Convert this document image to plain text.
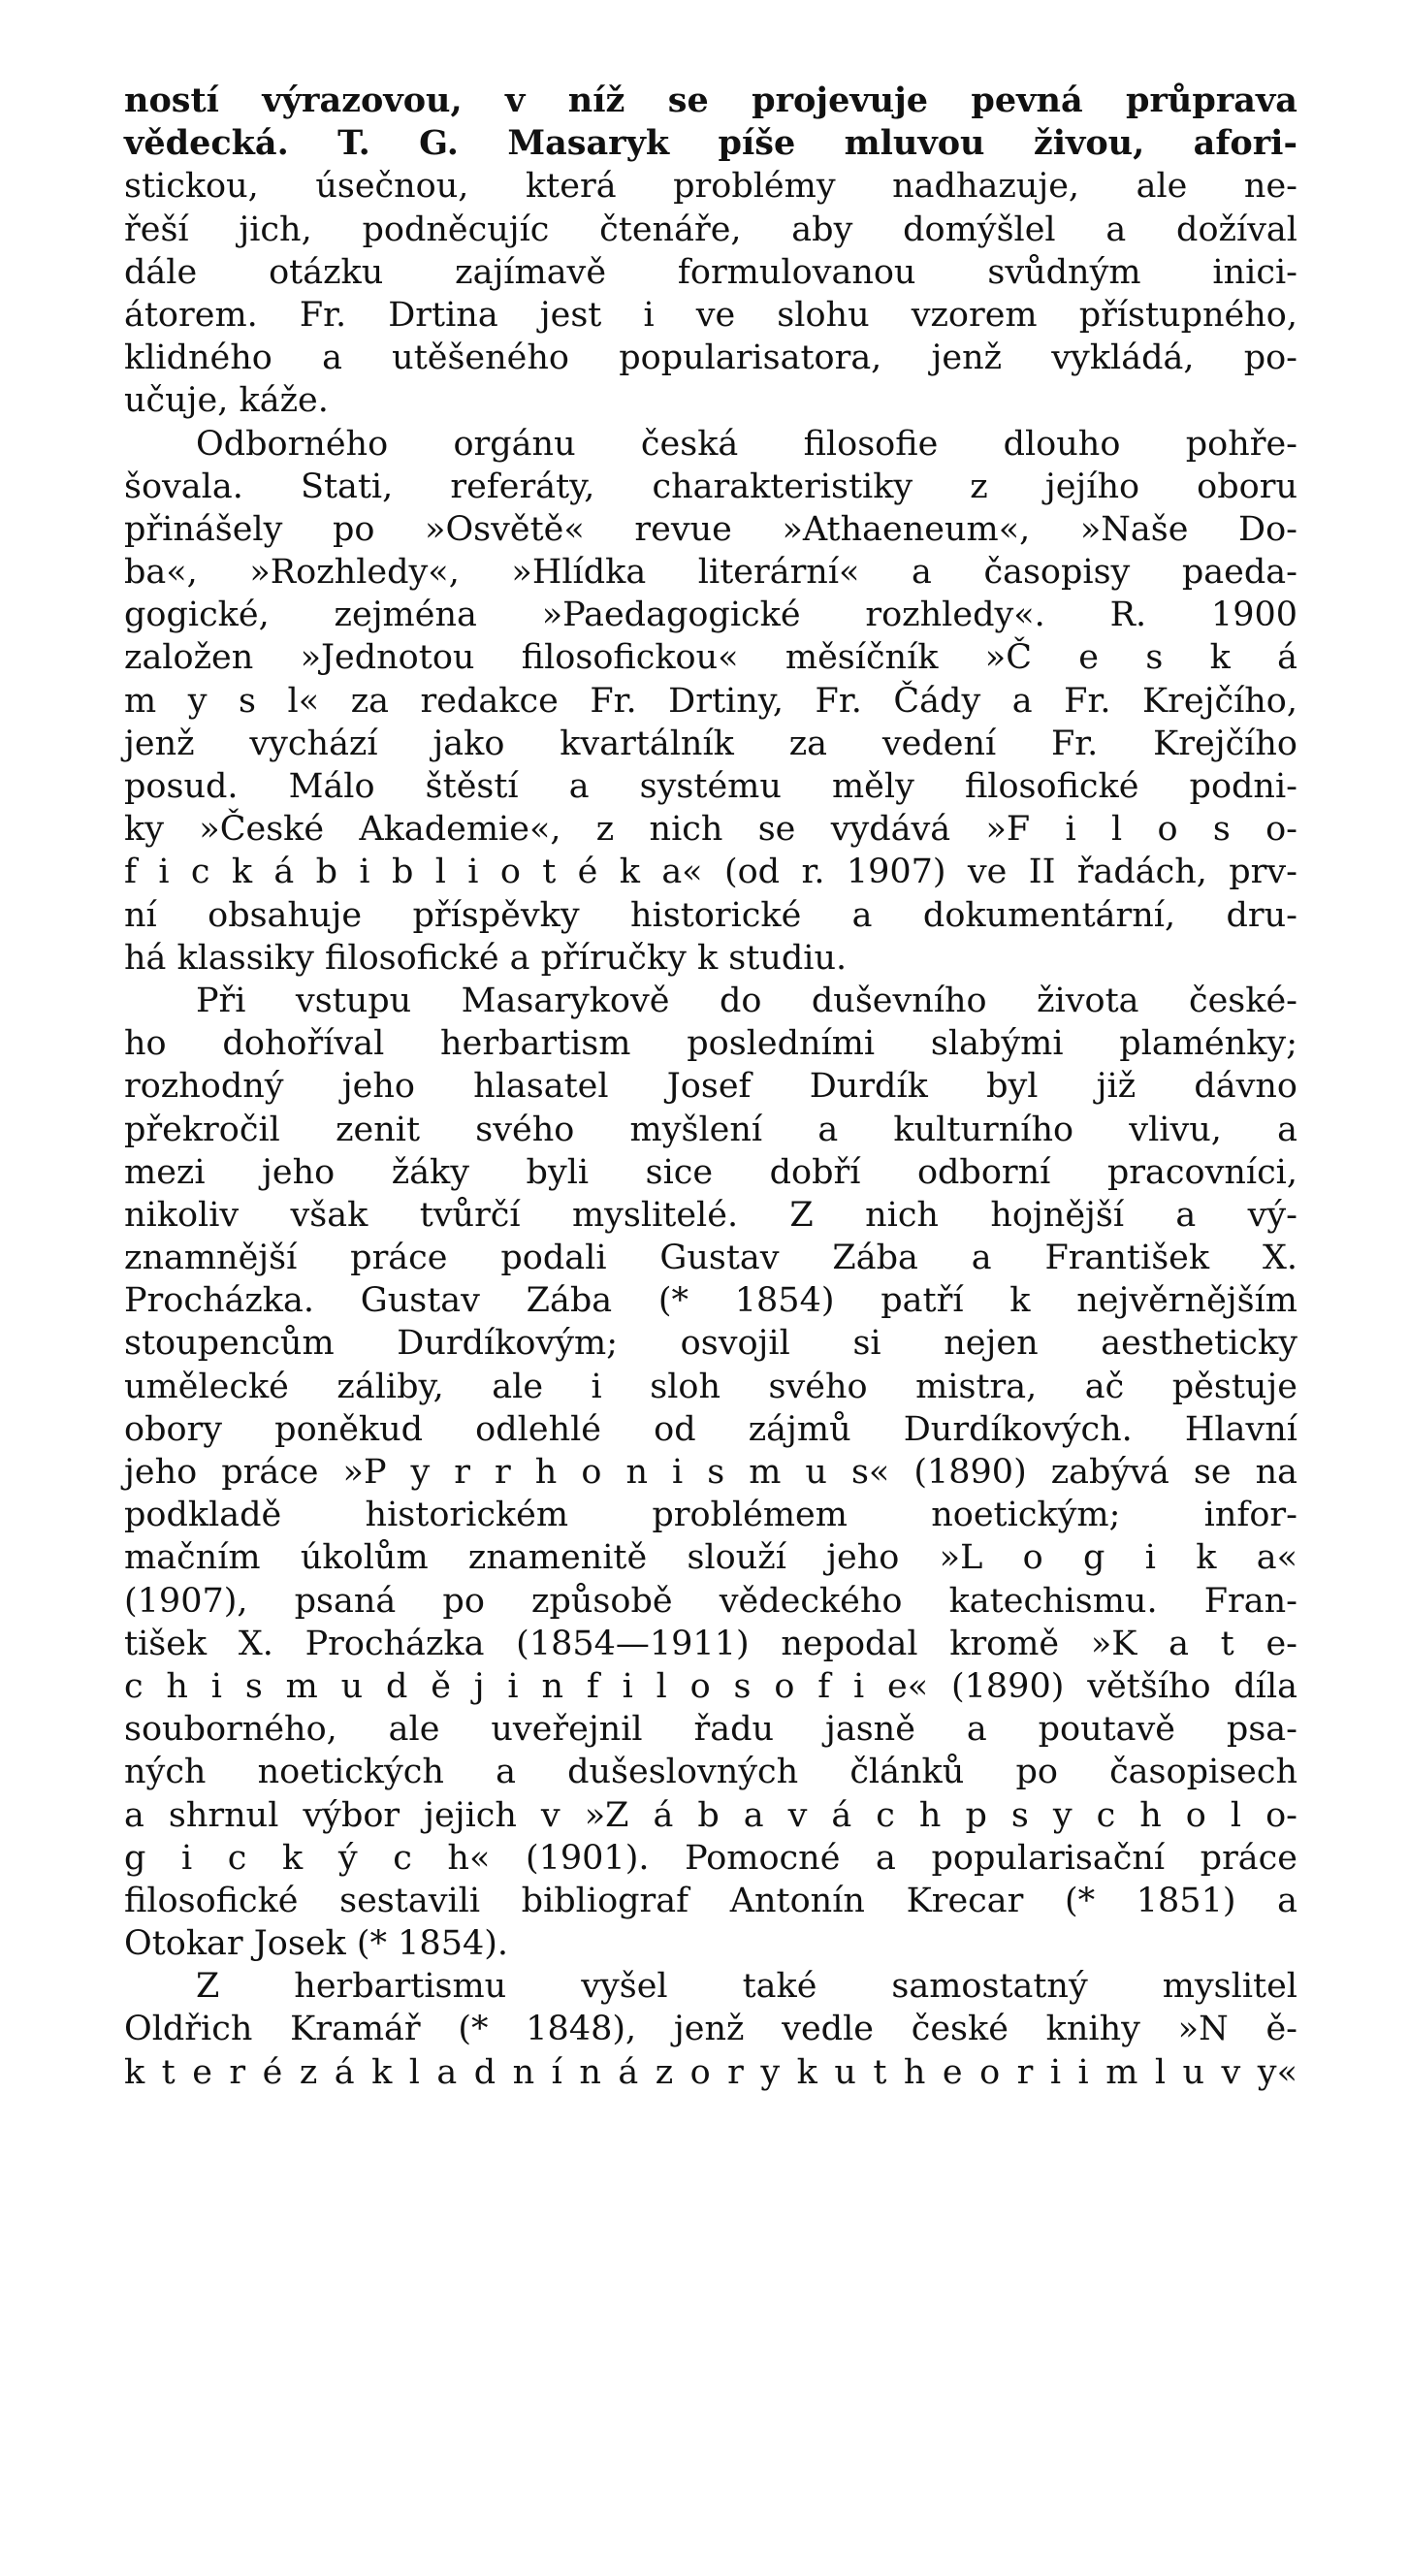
ností výrazovou, v níž se projevuje pevná průprava
vědecká. T. G. Masaryk píše mluvou živou, afori-
stickou, úsečnou, která problémy nadhazuje, ale ne-
řeší jich, podněcujíc čtenáře, aby domýšlel a dožíval
dále otázku zajímavě formulovanou svůdným inici-
átorem. Fr. Drtina jest i ve slohu vzorem přístupného,
klidného a utěšeného popularisatora, jenž vykládá, po-
učuje, káže.
Odborného orgánu česká filosofie dlouho pohře-
šovala. Stati, referáty, charakteristiky z jejího oboru
přinášely po »Osvětě« revue »Athaeneum«, »Naše Do-
ba«, »Rozhledy«, »Hlídka literární« a časopisy paeda-
gogické, zejména »Paedagogické rozhledy«. R. 1900
založen »Jednotou filosofickou« měsíčník »Č e s k á
m y s l« za redakce Fr. Drtiny, Fr. Čády a Fr. Krejčího,
jenž vychází jako kvartálník za vedení Fr. Krejčího
posud. Málo štěstí a systému měly filosofické podni-
ky »České Akademie«, z nich se vydává »F i l o s o-
f i c k á b i b l i o t é k a« (od r. 1907) ve II řadách, prv-
ní obsahuje příspěvky historické a dokumentární, dru-
há klassiky filosofické a příručky k studiu.
Při vstupu Masarykově do duševního života české-
ho dohoříval herbartism posledními slabými plaménky;
rozhodný jeho hlasatel Josef Durdík byl již dávno
překročil zenit svého myšlení a kulturního vlivu, a
mezi jeho žáky byli sice dobří odborní pracovníci,
nikoliv však tvůrčí myslitelé. Z nich hojnější a vý-
znamnější práce podali Gustav Zába a František X.
Procházka. Gustav Zába (* 1854) patří k nejvěrnějším
stoupencům Durdíkovým; osvojil si nejen aestheticky
umělecké záliby, ale i sloh svého mistra, ač pěstuje
obory poněkud odlehlé od zájmů Durdíkových. Hlavní
jeho práce »P y r r h o n i s m u s« (1890) zabývá se na
podkladě historickém problémem noetickým; infor-
mačním úkolům znamenitě slouží jeho »L o g i k a«
(1907), psaná po způsobě vědeckého katechismu. Fran-
tišek X. Procházka (1854—1911) nepodal kromě »K a t e-
c h i s m u d ě j i n f i l o s o f i e« (1890) většího díla
souborného, ale uveřejnil řadu jasně a poutavě psa-
ných noetických a dušeslovných článků po časopisech
a shrnul výbor jejich v »Z á b a v á c h p s y c h o l o-
g i c k ý c h« (1901). Pomocné a popularisační práce
filosofické sestavili bibliograf Antonín Krecar (* 1851) a
Otokar Josek (* 1854).
Z herbartismu vyšel také samostatný myslitel
Oldřich Kramář (* 1848), jenž vedle české knihy »N ě-
k t e r é z á k l a d n í n á z o r y k u t h e o r i i m l u v y«
